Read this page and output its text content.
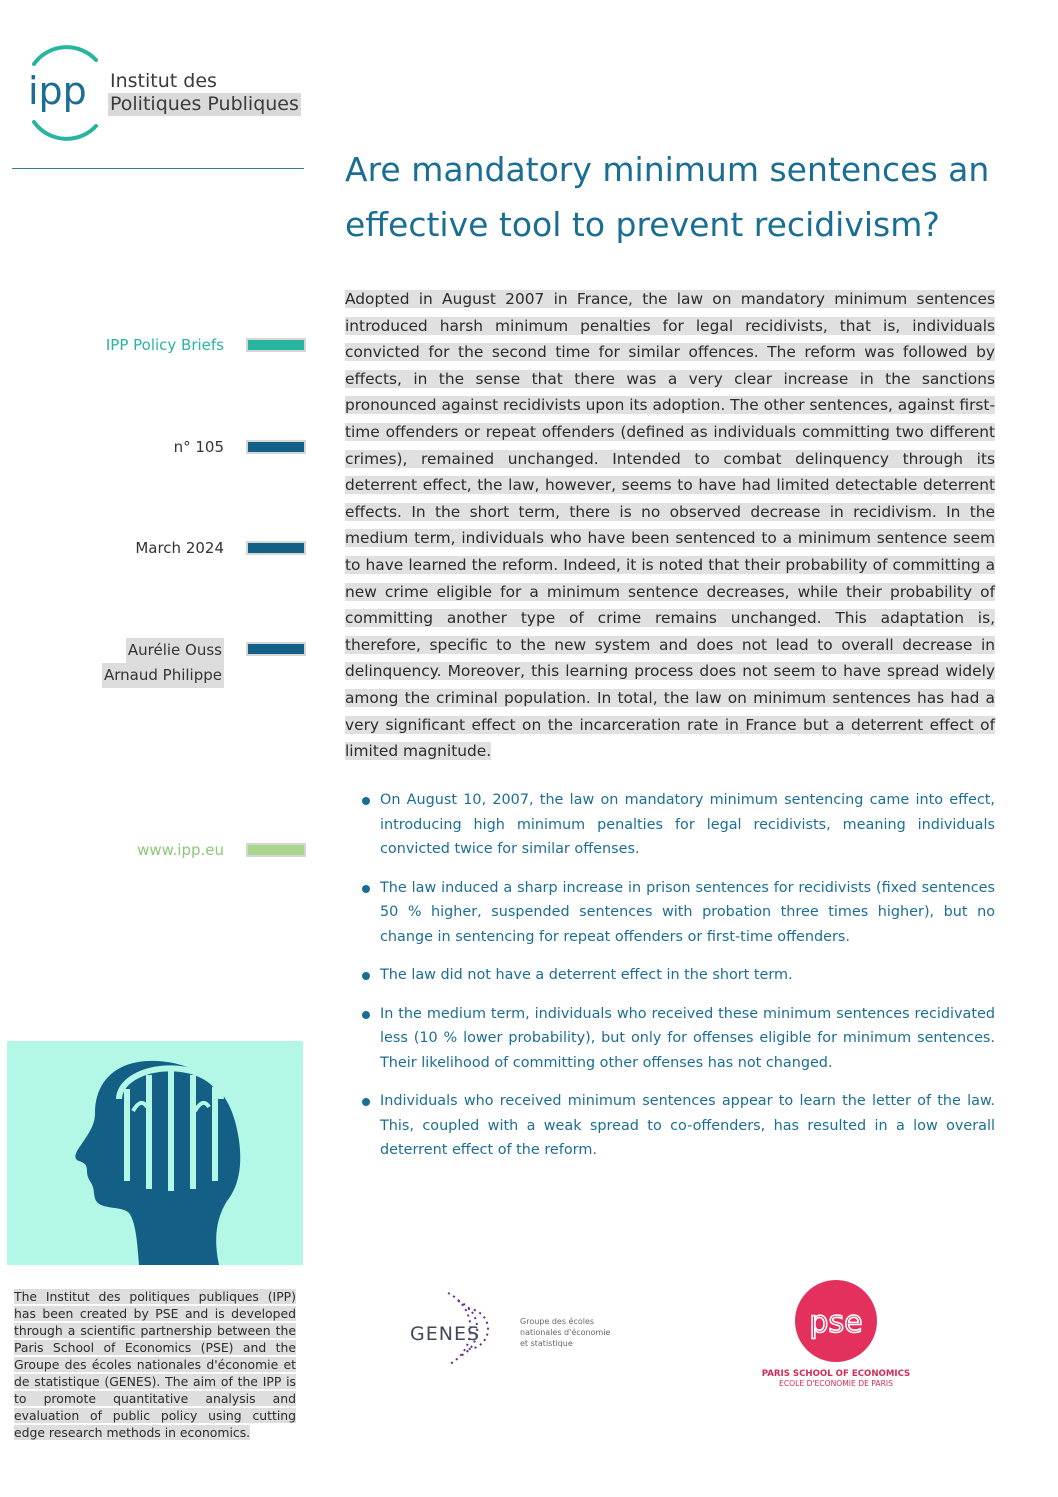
ipp Institut des
Politiques Publiques
IPP Policy Briefs
n° 105
March 2024
Aurélie Ouss
Arnaud Philippe
www.ipp.eu
Are mandatory minimum sentences an effective tool to prevent recidivism?

Adopted in August 2007 in France, the law on mandatory minimum sentences introduced harsh minimum penalties for legal recidivists, that is, individuals convicted for the second time for similar offences. The reform was followed by effects, in the sense that there was a very clear increase in the sanctions pronounced against recidivists upon its adoption. The other sentences, against first-time offenders or repeat offenders (defined as individuals committing two different crimes), remained unchanged. Intended to combat delinquency through its deterrent effect, the law, however, seems to have had limited detectable deterrent effects. In the short term, there is no observed decrease in recidivism. In the medium term, individuals who have been sentenced to a minimum sentence seem to have learned the reform. Indeed, it is noted that their probability of committing a new crime eligible for a minimum sentence decreases, while their probability of committing another type of crime remains unchanged. This adaptation is, therefore, specific to the new system and does not lead to overall decrease in delinquency. Moreover, this learning process does not seem to have spread widely among the criminal population. In total, the law on minimum sentences has had a very significant effect on the incarceration rate in France but a deterrent effect of limited magnitude.

On August 10, 2007, the law on mandatory minimum sentencing came into effect, introducing high minimum penalties for legal recidivists, meaning individuals convicted twice for similar offenses.
The law induced a sharp increase in prison sentences for recidivists (fixed sentences 50 % higher, suspended sentences with probation three times higher), but no change in sentencing for repeat offenders or first-time offenders.
The law did not have a deterrent effect in the short term.
In the medium term, individuals who received these minimum sentences recidivated less (10 % lower probability), but only for offenses eligible for minimum sentences. Their likelihood of committing other offenses has not changed.
Individuals who received minimum sentences appear to learn the letter of the law. This, coupled with a weak spread to co-offenders, has resulted in a low overall deterrent effect of the reform.

The Institut des politiques publiques (IPP) has been created by PSE and is developed through a scientific partnership between the Paris School of Economics (PSE) and the Groupe des écoles nationales d'économie et de statistique (GENES). The aim of the IPP is to promote quantitative analysis and evaluation of public policy using cutting edge research methods in economics.

GENES
Groupe des écoles
nationales d'économie
et statistique
pse
PARIS SCHOOL OF ECONOMICS
ECOLE D'ECONOMIE DE PARIS
